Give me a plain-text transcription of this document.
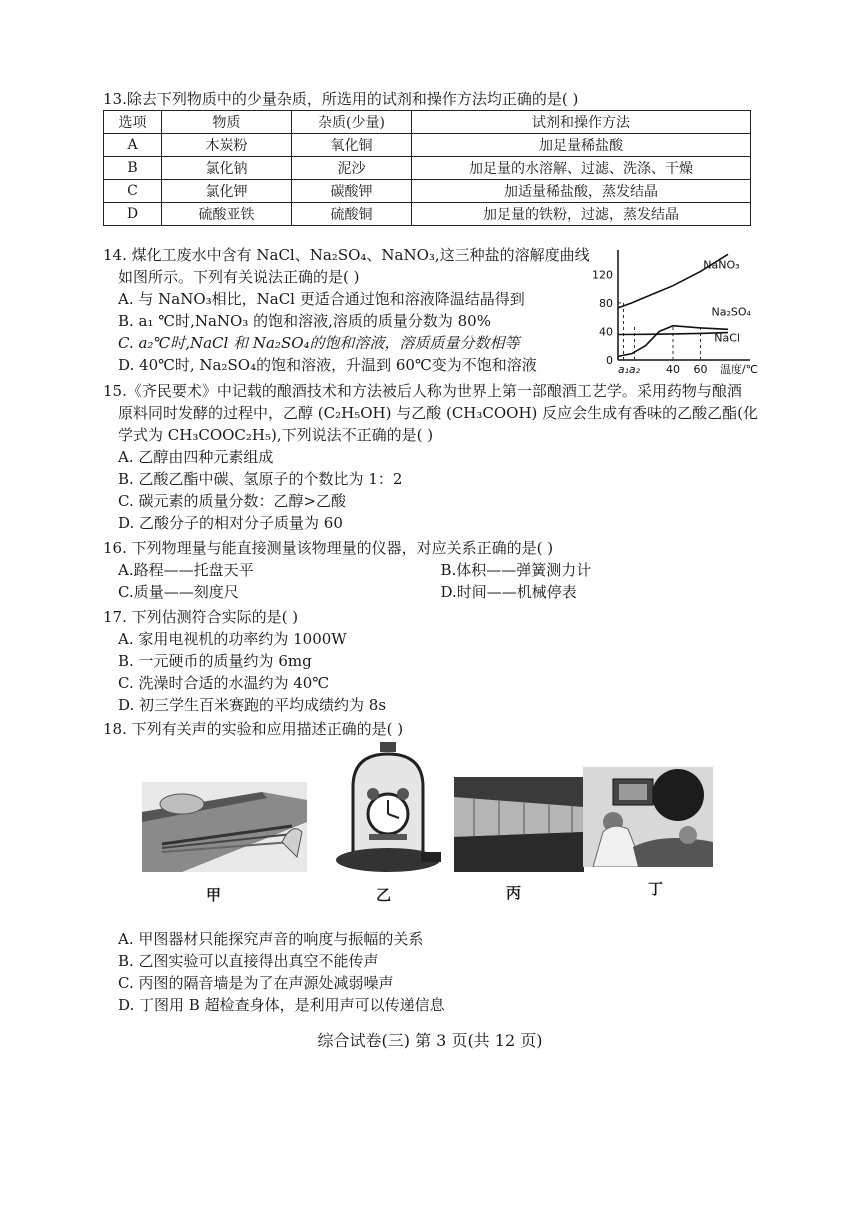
13.除去下列物质中的少量杂质，所选用的试剂和操作方法均正确的是( )

选项	物质	杂质(少量)	试剂和操作方法
A	木炭粉	氧化铜	加足量稀盐酸
B	氯化钠	泥沙	加足量的水溶解、过滤、洗涤、干燥
C	氯化钾	碳酸钾	加适量稀盐酸，蒸发结晶
D	硫酸亚铁	硫酸铜	加足量的铁粉，过滤，蒸发结晶

14. 煤化工废水中含有 NaCl、Na₂SO₄、NaNO₃,这三种盐的溶解度曲线

如图所示。下列有关说法正确的是( )

A. 与 NaNO₃相比，NaCl 更适合通过饱和溶液降温结晶得到

B. a₁ ℃时,NaNO₃ 的饱和溶液,溶质的质量分数为 80%

C. a₂℃时,NaCl 和 Na₂SO₄的饱和溶液，溶质质量分数相等

D. 40℃时, Na₂SO₄的饱和溶液，升温到 60℃变为不饱和溶液	0
40
80
120
a₁ a₂ 40 60 温度/℃
NaNO₃
Na₂SO₄
NaCl

15.《齐民要术》中记载的酿酒技术和方法被后人称为世界上第一部酿酒工艺学。采用药物与酿酒

原料同时发酵的过程中，乙醇 (C₂H₅OH) 与乙酸 (CH₃COOH) 反应会生成有香味的乙酸乙酯(化

学式为 CH₃COOC₂H₅),下列说法不正确的是( )

A. 乙醇由四种元素组成

B. 乙酸乙酯中碳、氢原子的个数比为 1：2

C. 碳元素的质量分数：乙醇>乙酸

D. 乙酸分子的相对分子质量为 60

16. 下列物理量与能直接测量该物理量的仪器，对应关系正确的是( )

A.路程——托盘天平	B.体积——弹簧测力计

C.质量——刻度尺	D.时间——机械停表

17. 下列估测符合实际的是( )

A. 家用电视机的功率约为 1000W

B. 一元硬币的质量约为 6mg

C. 洗澡时合适的水温约为 40℃

D. 初三学生百米赛跑的平均成绩约为 8s

18. 下列有关声的实验和应用描述正确的是( )

甲	乙	丙	丁

A. 甲图器材只能探究声音的响度与振幅的关系

B. 乙图实验可以直接得出真空不能传声

C. 丙图的隔音墙是为了在声源处减弱噪声

D. 丁图用 B 超检查身体，是利用声可以传递信息

综合试卷(三) 第 3 页(共 12 页)
